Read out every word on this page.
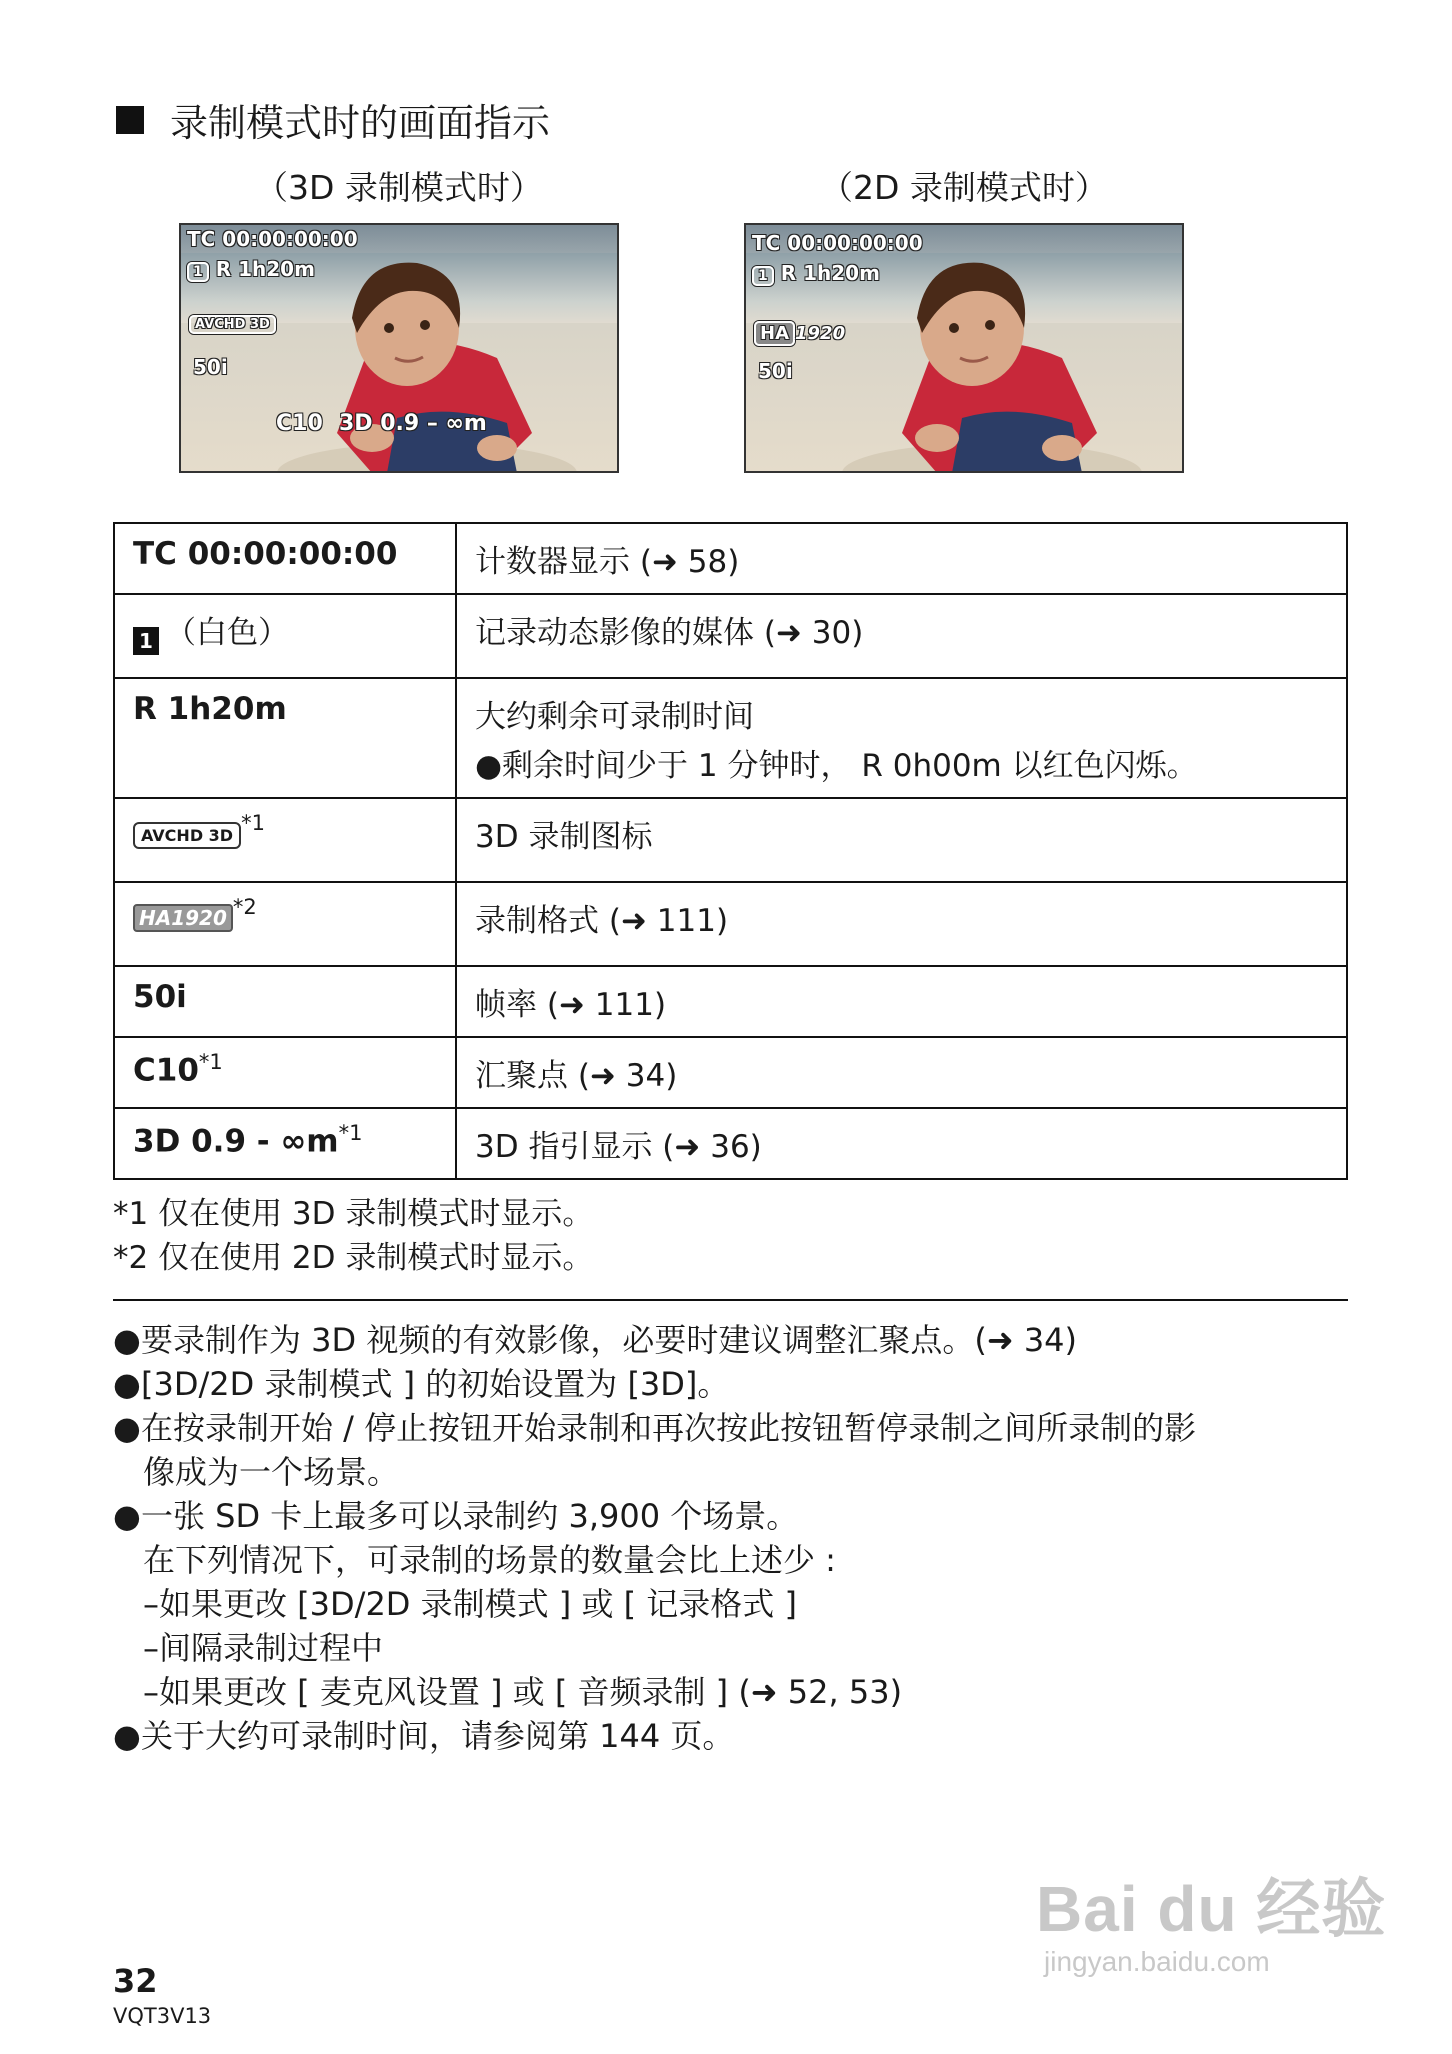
录制模式时的画面指示
（3D 录制模式时）	（2D 录制模式时）
TC 00:00:00:00
1 R 1h20m
AVCHD 3D
50i
C10 3D 0.9 – ∞m
TC 00:00:00:00
1 R 1h20m
HA 1920
50i
TC 00:00:00:00	计数器显示 (➜ 58)
1 （白色）	记录动态影像的媒体 (➜ 30)
R 1h20m	大约剩余可录制时间
●剩余时间少于 1 分钟时， R 0h00m 以红色闪烁。

AVCHD $3D^{*1}$	3D 录制图标
HA1920 $^{*2}$	录制格式 (➜ 111)
50i	帧率 (➜ 111)
C10$^{*1}$	汇聚点 (➜ 34)
3D $0.9 - \infty m^{*1}$	3D 指引显示 (➜ 36)
*1 仅在使用 3D 录制模式时显示。
*2 仅在使用 2D 录制模式时显示。
●要录制作为 3D 视频的有效影像，必要时建议调整汇聚点。(➜ 34)
●[3D/2D 录制模式 ] 的初始设置为 [3D]。
●在按录制开始 / 停止按钮开始录制和再次按此按钮暂停录制之间所录制的影
像成为一个场景。
●一张 SD 卡上最多可以录制约 3,900 个场景。
在下列情况下，可录制的场景的数量会比上述少 :
–如果更改 [3D/2D 录制模式 ] 或 [ 记录格式 ]
–间隔录制过程中
–如果更改 [ 麦克风设置 ] 或 [ 音频录制 ] (➜ 52, 53)
●关于大约可录制时间，请参阅第 144 页。
32
VQT3V13
Bai du 经验
jingyan.baidu.com
